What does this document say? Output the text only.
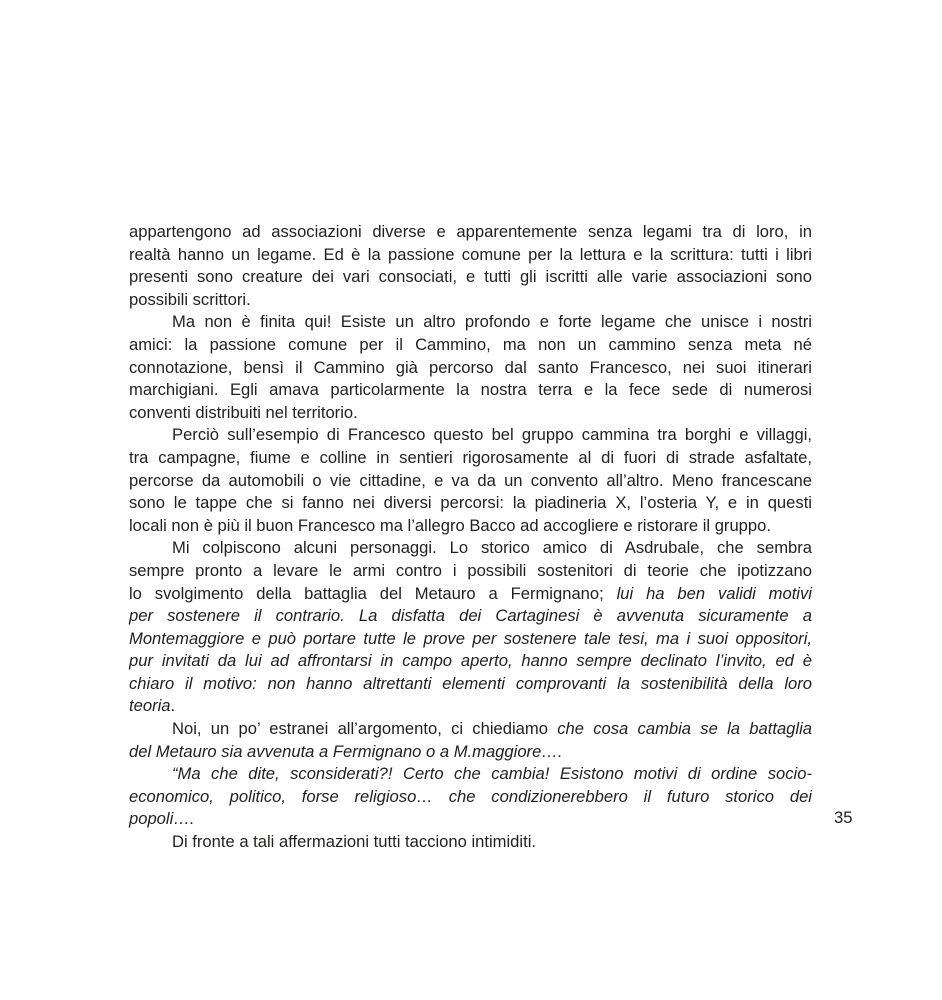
appartengono ad associazioni diverse e apparentemente senza legami tra di loro, in
realtà hanno un legame. Ed è la passione comune per la lettura e la scrittura: tutti i libri
presenti sono creature dei vari consociati, e tutti gli iscritti alle varie associazioni sono
possibili scrittori.
Ma non è finita qui! Esiste un altro profondo e forte legame che unisce i nostri
amici: la passione comune per il Cammino, ma non un cammino senza meta né
connotazione, bensì il Cammino già percorso dal santo Francesco, nei suoi itinerari
marchigiani. Egli amava particolarmente la nostra terra e la fece sede di numerosi
conventi distribuiti nel territorio.
Perciò sull’esempio di Francesco questo bel gruppo cammina tra borghi e villaggi,
tra campagne, fiume e colline in sentieri rigorosamente al di fuori di strade asfaltate,
percorse da automobili o vie cittadine, e va da un convento all’altro. Meno francescane
sono le tappe che si fanno nei diversi percorsi: la piadineria X, l’osteria Y, e in questi
locali non è più il buon Francesco ma l’allegro Bacco ad accogliere e ristorare il gruppo.
Mi colpiscono alcuni personaggi. Lo storico amico di Asdrubale, che sembra
sempre pronto a levare le armi contro i possibili sostenitori di teorie che ipotizzano
lo svolgimento della battaglia del Metauro a Fermignano; lui ha ben validi motivi
per sostenere il contrario. La disfatta dei Cartaginesi è avvenuta sicuramente a
Montemaggiore e può portare tutte le prove per sostenere tale tesi, ma i suoi oppositori,
pur invitati da lui ad affrontarsi in campo aperto, hanno sempre declinato l’invito, ed è
chiaro il motivo: non hanno altrettanti elementi comprovanti la sostenibilità della loro
teoria.
Noi, un po’ estranei all’argomento, ci chiediamo che cosa cambia se la battaglia
del Metauro sia avvenuta a Fermignano o a M.maggiore….
“Ma che dite, sconsiderati?! Certo che cambia! Esistono motivi di ordine socio-
economico, politico, forse religioso… che condizionerebbero il futuro storico dei
popoli….
Di fronte a tali affermazioni tutti tacciono intimiditi.
35
